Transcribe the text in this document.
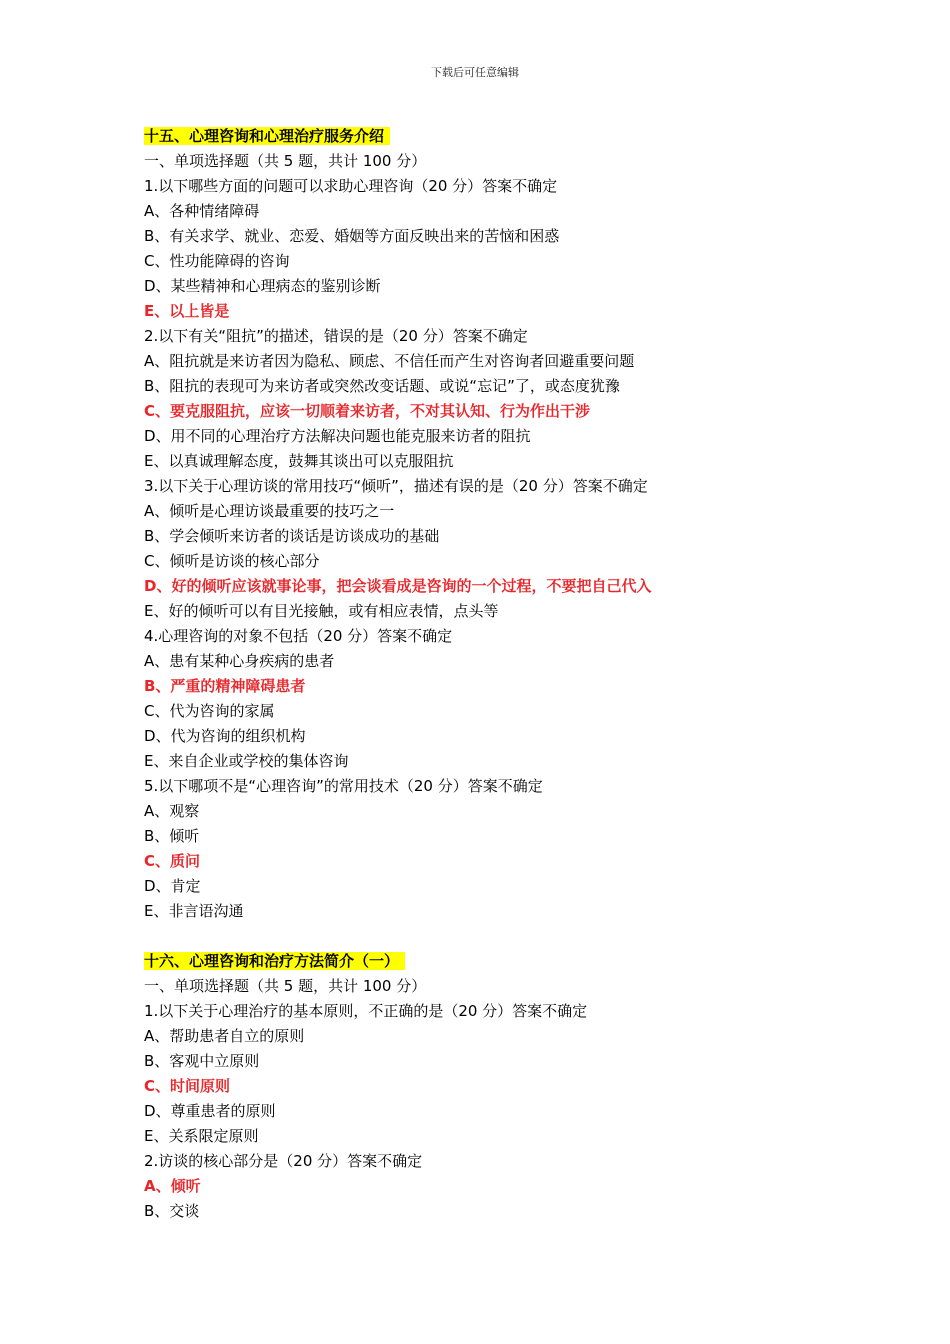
下载后可任意编辑
十五、心理咨询和心理治疗服务介绍
一、单项选择题（共 5 题，共计 100 分）
1.以下哪些方面的问题可以求助心理咨询（20 分）答案不确定
A、各种情绪障碍
B、有关求学、就业、恋爱、婚姻等方面反映出来的苦恼和困惑
C、性功能障碍的咨询
D、某些精神和心理病态的鉴别诊断
E、以上皆是
2.以下有关“阻抗”的描述，错误的是（20 分）答案不确定
A、阻抗就是来访者因为隐私、顾虑、不信任而产生对咨询者回避重要问题
B、阻抗的表现可为来访者或突然改变话题、或说“忘记”了，或态度犹豫
C、要克服阻抗，应该一切顺着来访者，不对其认知、行为作出干涉
D、用不同的心理治疗方法解决问题也能克服来访者的阻抗
E、以真诚理解态度，鼓舞其谈出可以克服阻抗
3.以下关于心理访谈的常用技巧“倾听”，描述有误的是（20 分）答案不确定
A、倾听是心理访谈最重要的技巧之一
B、学会倾听来访者的谈话是访谈成功的基础
C、倾听是访谈的核心部分
D、好的倾听应该就事论事，把会谈看成是咨询的一个过程，不要把自己代入
E、好的倾听可以有目光接触，或有相应表情，点头等
4.心理咨询的对象不包括（20 分）答案不确定
A、患有某种心身疾病的患者
B、严重的精神障碍患者
C、代为咨询的家属
D、代为咨询的组织机构
E、来自企业或学校的集体咨询
5.以下哪项不是“心理咨询”的常用技术（20 分）答案不确定
A、观察
B、倾听
C、质问
D、肯定
E、非言语沟通
十六、心理咨询和治疗方法简介（一）
一、单项选择题（共 5 题，共计 100 分）
1.以下关于心理治疗的基本原则，不正确的是（20 分）答案不确定
A、帮助患者自立的原则
B、客观中立原则
C、时间原则
D、尊重患者的原则
E、关系限定原则
2.访谈的核心部分是（20 分）答案不确定
A、倾听
B、交谈
